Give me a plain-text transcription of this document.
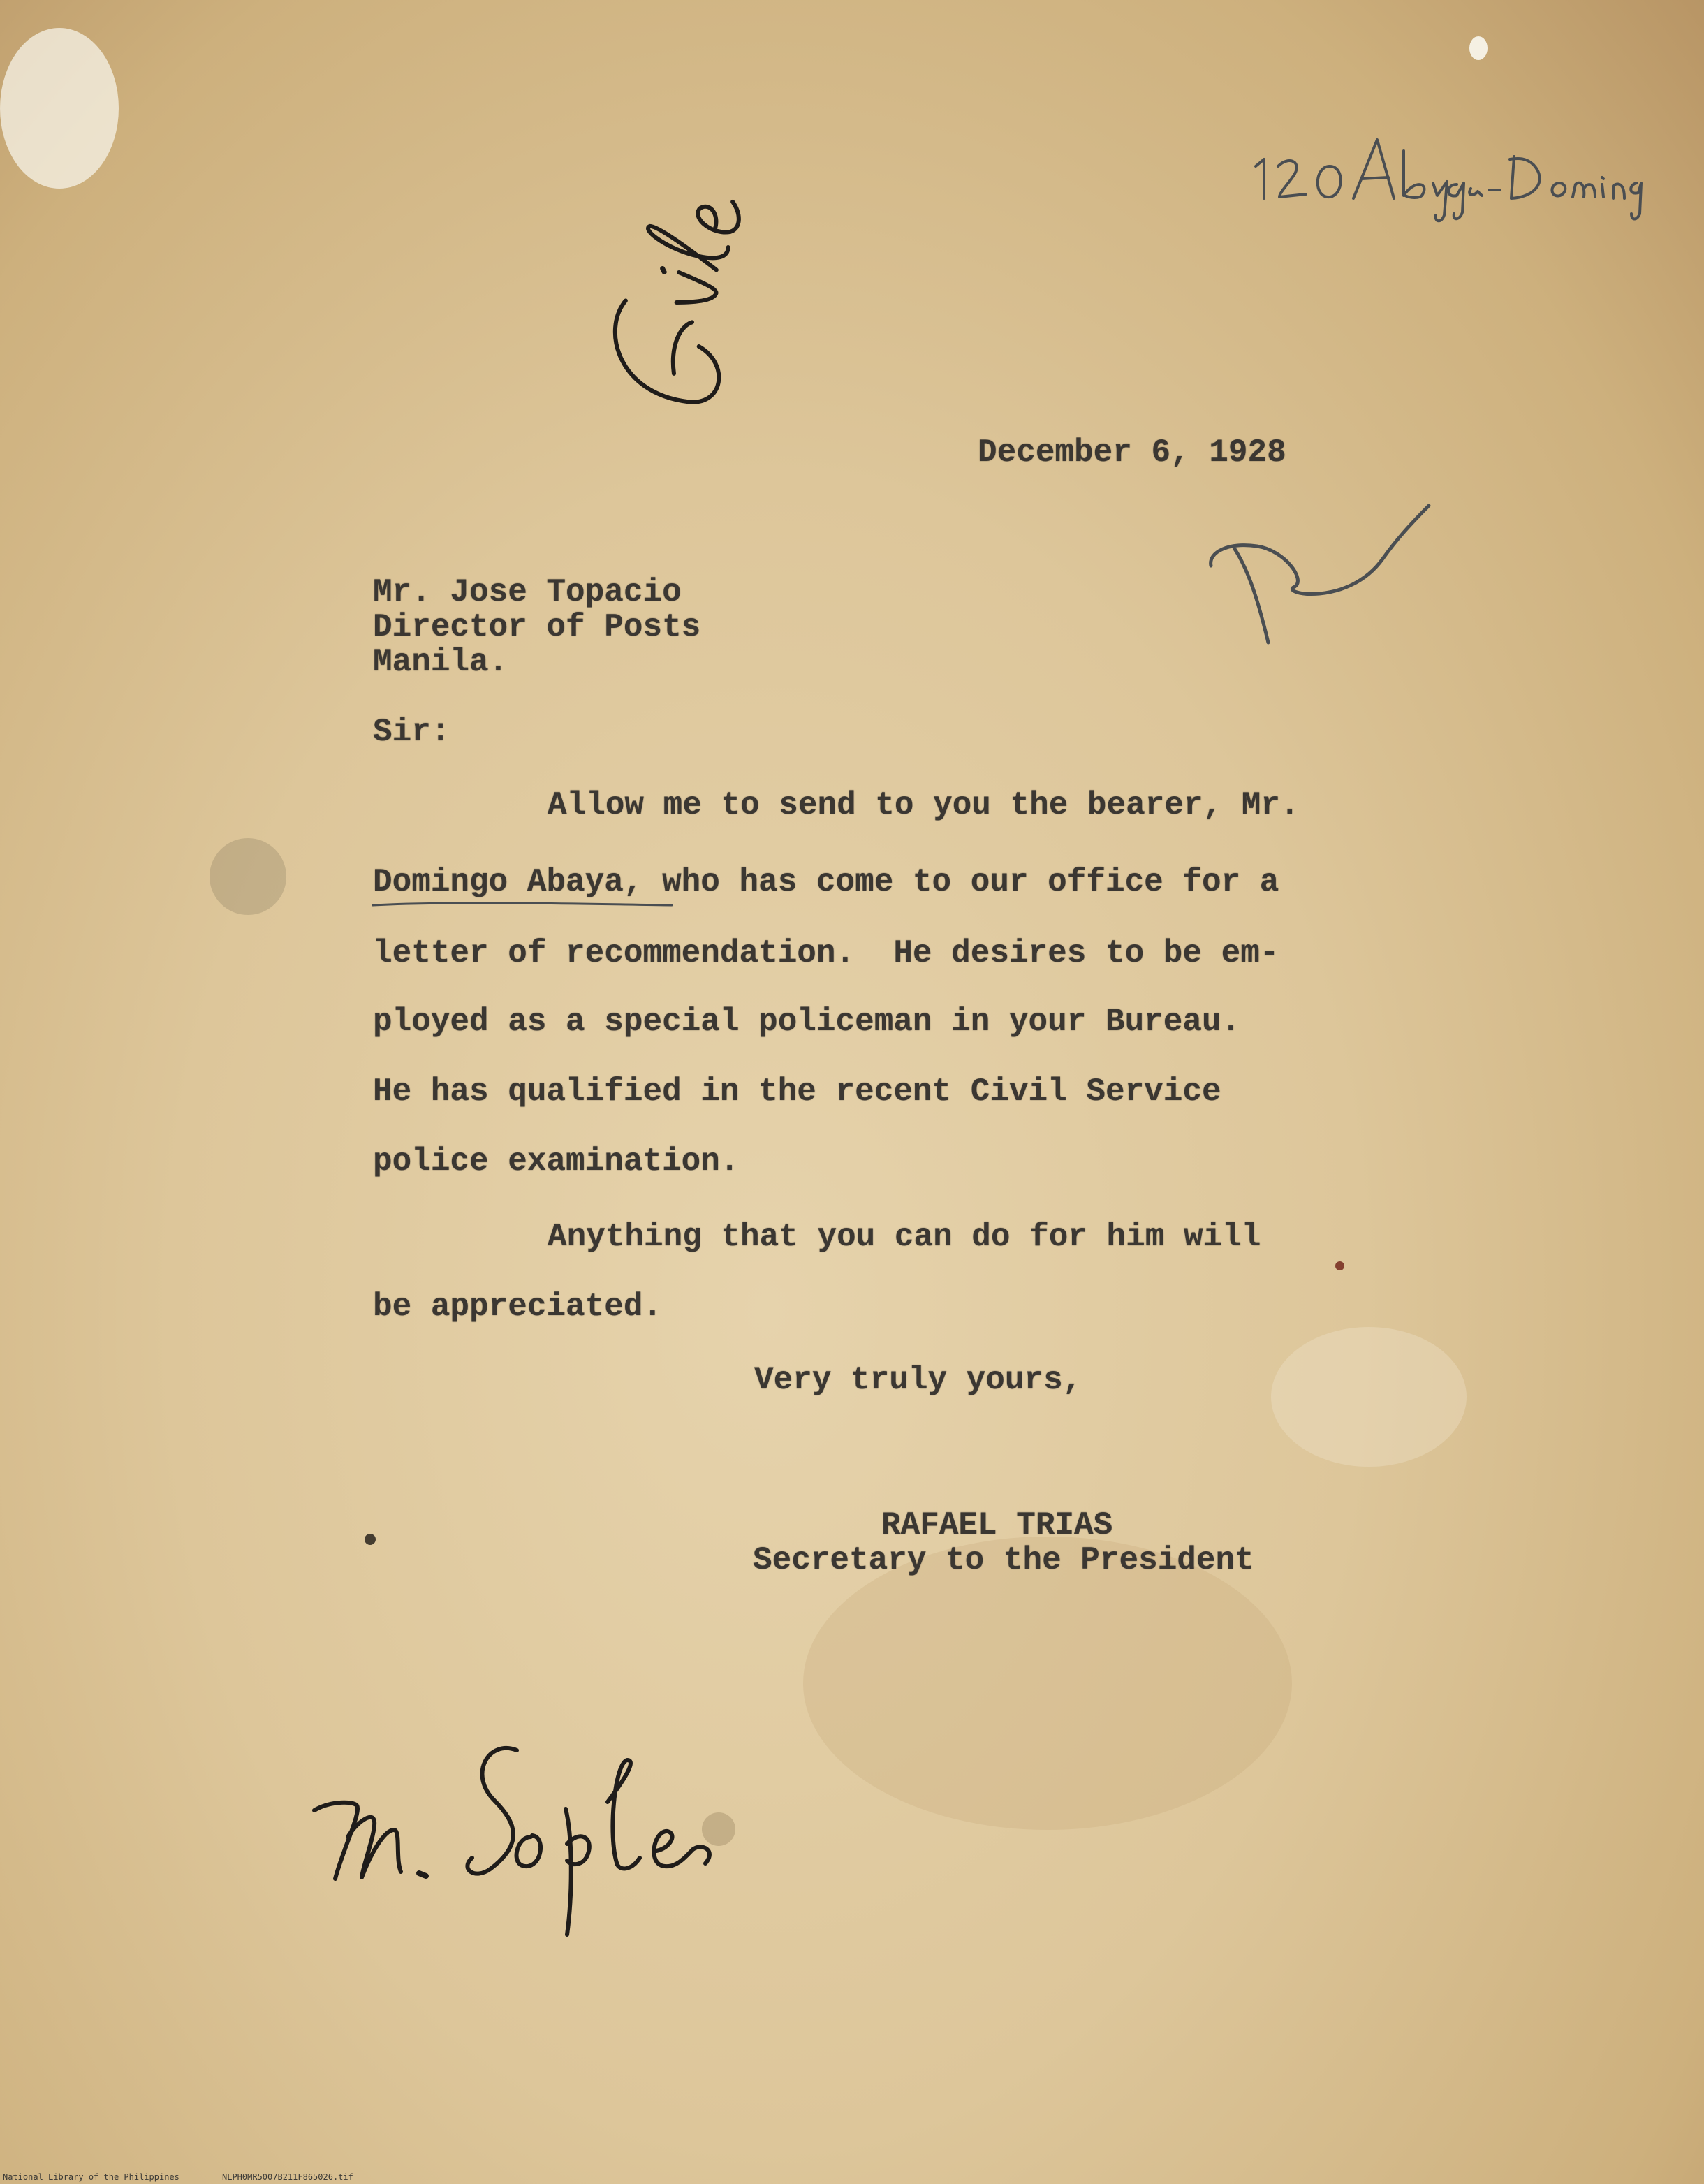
December 6, 1928

Mr. Jose Topacio

Director of Posts

Manila.

Sir:

Allow me to send to you the bearer, Mr.

Domingo Abaya, who has come to our office for a

letter of recommendation.  He desires to be em-

ployed as a special policeman in your Bureau.

He has qualified in the recent Civil Service

police examination.

Anything that you can do for him will

be appreciated.

Very truly yours,

RAFAEL TRIAS

Secretary to the President

National Library of the Philippines	NLPH0MR5007B211F865026.tif
